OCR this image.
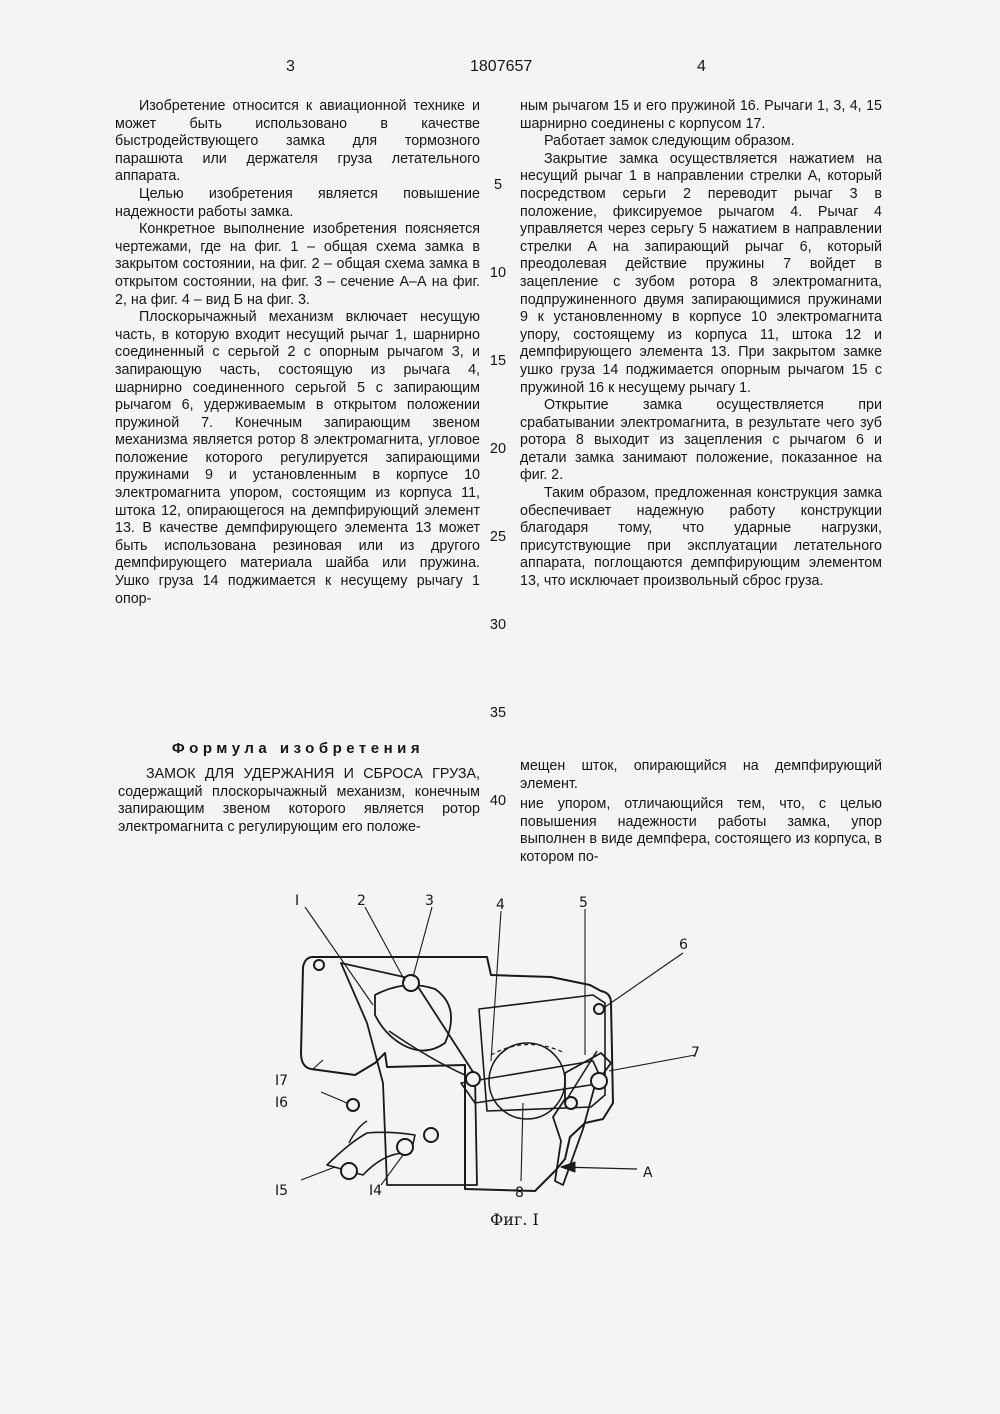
3	1807657	4

Изобретение относится к авиационной технике и может быть использовано в качестве быстродействующего замка для тормозного парашюта или держателя груза летательного аппарата.

Целью изобретения является повышение надежности работы замка.

Конкретное выполнение изобретения поясняется чертежами, где на фиг. 1 – общая схема замка в закрытом состоянии, на фиг. 2 – общая схема замка в открытом состоянии, на фиг. 3 – сечение А–А на фиг. 2, на фиг. 4 – вид Б на фиг. 3.

Плоскорычажный механизм включает несущую часть, в которую входит несущий рычаг 1, шарнирно соединенный с серьгой 2 с опорным рычагом 3, и запирающую часть, состоящую из рычага 4, шарнирно соединенного серьгой 5 с запирающим рычагом 6, удерживаемым в открытом положении пружиной 7. Конечным запирающим звеном механизма является ротор 8 электромагнита, угловое положение которого регулируется запирающими пружинами 9 и установленным в корпусе 10 электромагнита упором, состоящим из корпуса 11, штока 12, опирающегося на демпфирующий элемент 13. В качестве демпфирующего элемента 13 может быть использована резиновая или из другого демпфирующего материала шайба или пружина. Ушко груза 14 поджимается к несущему рычагу 1 опор-

ным рычагом 15 и его пружиной 16. Рычаги 1, 3, 4, 15 шарнирно соединены с корпусом 17.

Работает замок следующим образом.

Закрытие замка осуществляется нажатием на несущий рычаг 1 в направлении стрелки А, который посредством серьги 2 переводит рычаг 3 в положение, фиксируемое рычагом 4. Рычаг 4 управляется через серьгу 5 нажатием в направлении стрелки А на запирающий рычаг 6, который преодолевая действие пружины 7 войдет в зацепление с зубом ротора 8 электромагнита, подпружиненного двумя запирающимися пружинами 9 к установленному в корпусе 10 электромагнита упору, состоящему из корпуса 11, штока 12 и демпфирующего элемента 13. При закрытом замке ушко груза 14 поджимается опорным рычагом 15 с пружиной 16 к несущему рычагу 1.

Открытие замка осуществляется при срабатывании электромагнита, в результате чего зуб ротора 8 выходит из зацепления с рычагом 6 и детали замка занимают положение, показанное на фиг. 2.

Таким образом, предложенная конструкция замка обеспечивает надежную работу конструкции благодаря тому, что ударные нагрузки, присутствующие при эксплуатации летательного аппарата, поглощаются демпфирующим элементом 13, что исключает произвольный сброс груза.

5
10
15
20
25
30
35
40
Формула изобретения
ЗАМОК ДЛЯ УДЕРЖАНИЯ И СБРОСА ГРУЗА, содержащий плоскорычажный механизм, конечным запирающим звеном которого является ротор электромагнита с регулирующим его положе-
мещен шток, опирающийся на демпфирующий элемент.
ние упором, отличающийся тем, что, с целью повышения надежности работы замка, упор выполнен в виде демпфера, состоящего из корпуса, в котором по-
I	2	3	4	5
6
7
8
I7
I6
I5	I4
A
Фиг. I
